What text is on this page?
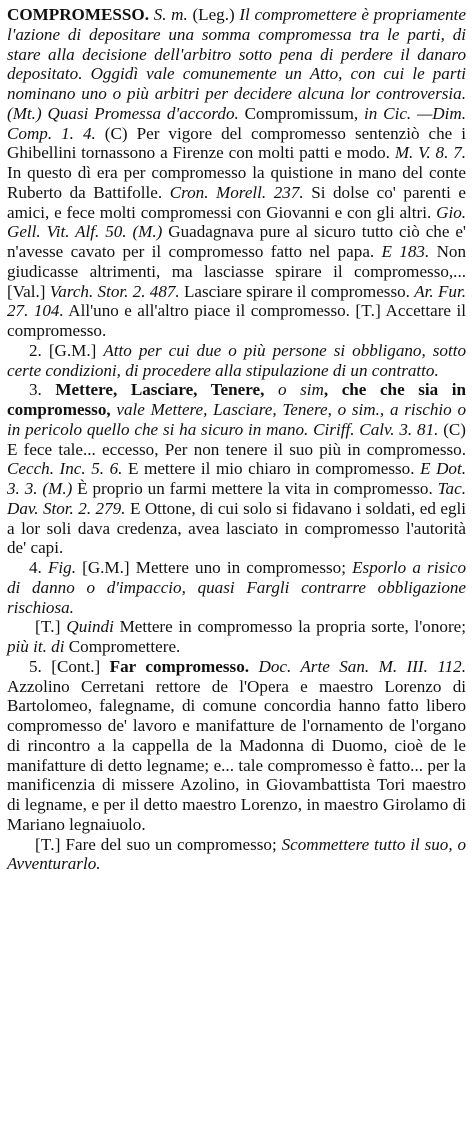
COMPROMESSO. S. m. (Leg.) Il compromettere è propriamente l'azione di depositare una somma compromessa tra le parti, di stare alla decisione dell'arbitro sotto pena di perdere il danaro depositato. Oggidì vale comunemente un Atto, con cui le parti nominano uno o più arbitri per decidere alcuna lor controversia. (Mt.) Quasi Promessa d'accordo. Compromissum, in Cic. —Dim. Comp. 1. 4. (C) Per vigore del compromesso sentenziò che i Ghibellini tornassono a Firenze con molti patti e modo. M. V. 8. 7. In questo dì era per compromesso la quistione in mano del conte Ruberto da Battifolle. Cron. Morell. 237. Si dolse co' parenti e amici, e fece molti compromessi con Giovanni e con gli altri. Gio. Gell. Vit. Alf. 50. (M.) Guadagnava pure al sicuro tutto ciò che e' n'avesse cavato per il compromesso fatto nel papa. E 183. Non giudicasse altrimenti, ma lasciasse spirare il compromesso,... [Val.] Varch. Stor. 2. 487. Lasciare spirare il compromesso. Ar. Fur. 27. 104. All'uno e all'altro piace il compromesso. [T.] Accettare il compromesso.

2. [G.M.] Atto per cui due o più persone si obbligano, sotto certe condizioni, di procedere alla stipulazione di un contratto.

3. Mettere, Lasciare, Tenere, o sim, che che sia in compromesso, vale Mettere, Lasciare, Tenere, o sim., a rischio o in pericolo quello che si ha sicuro in mano. Ciriff. Calv. 3. 81. (C) E fece tale... eccesso, Per non tenere il suo più in compromesso. Cecch. Inc. 5. 6. E mettere il mio chiaro in compromesso. E Dot. 3. 3. (M.) È proprio un farmi mettere la vita in compromesso. Tac. Dav. Stor. 2. 279. E Ottone, di cui solo si fidavano i soldati, ed egli a lor soli dava credenza, avea lasciato in compromesso l'autorità de' capi.

4. Fig. [G.M.] Mettere uno in compromesso; Esporlo a risico di danno o d'impaccio, quasi Fargli contrarre obbligazione rischiosa.

[T.] Quindi Mettere in compromesso la propria sorte, l'onore; più it. di Compromettere.

5. [Cont.] Far compromesso. Doc. Arte San. M. III. 112. Azzolino Cerretani rettore de l'Opera e maestro Lorenzo di Bartolomeo, falegname, di comune concordia hanno fatto libero compromesso de' lavoro e manifatture de l'ornamento de l'organo di rincontro a la cappella de la Madonna di Duomo, cioè de le manifatture di detto legname; e... tale compromesso è fatto... per la manificenzia di missere Azolino, in Giovambattista Tori maestro di legname, e per il detto maestro Lorenzo, in maestro Girolamo di Mariano legnaiuolo.

[T.] Fare del suo un compromesso; Scommettere tutto il suo, o Avventurarlo.
